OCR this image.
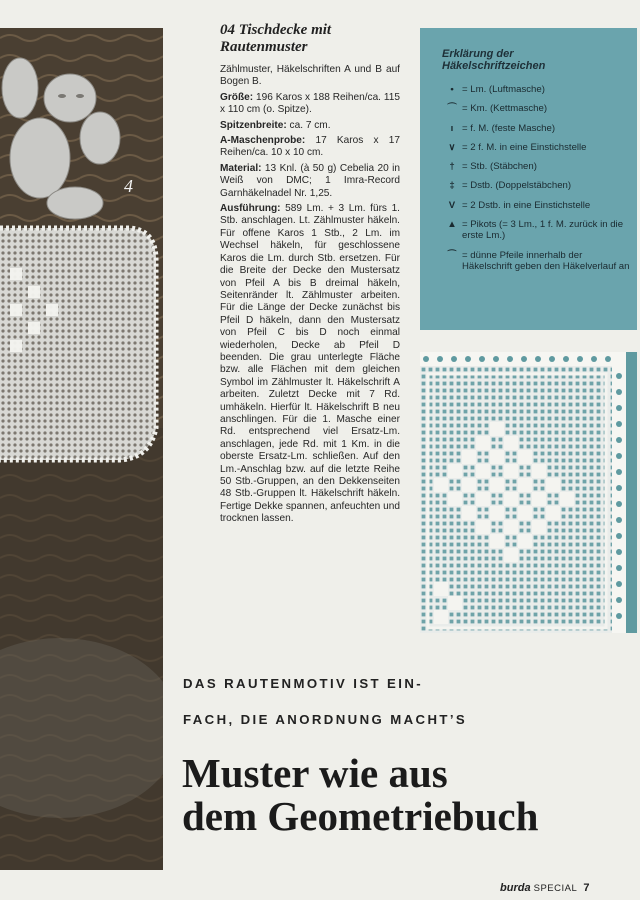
4
04 Tischdecke mit
Rautenmuster

Zählmuster, Häkelschriften A und B auf Bogen B.

Größe: 196 Karos x 188 Reihen/ca. 115 x 110 cm (o. Spitze).

Spitzenbreite: ca. 7 cm.

A-Maschenprobe: 17 Karos x 17 Reihen/ca. 10 x 10 cm.

Material: 13 Knl. (à 50 g) Cebelia 20 in Weiß von DMC; 1 Imra-Record Garnhäkelnadel Nr. 1,25.

Ausführung: 589 Lm. + 3 Lm. fürs 1. Stb. anschlagen. Lt. Zählmuster häkeln. Für offene Karos 1 Stb., 2 Lm. im Wechsel häkeln, für geschlossene Karos die Lm. durch Stb. ersetzen. Für die Breite der Decke den Mustersatz von Pfeil A bis B dreimal häkeln, Seitenränder lt. Zählmuster arbeiten. Für die Länge der Decke zunächst bis Pfeil D häkeln, dann den Mustersatz von Pfeil C bis D noch einmal wiederholen, Decke ab Pfeil D beenden. Die grau unterlegte Fläche bzw. alle Flächen mit dem gleichen Symbol im Zählmuster lt. Häkelschrift A arbeiten. Zuletzt Decke mit 7 Rd. umhäkeln. Hierfür lt. Häkelschrift B neu anschlingen. Für die 1. Masche einer Rd. entsprechend viel Ersatz-Lm. anschlagen, jede Rd. mit 1 Km. in die oberste Ersatz-Lm. schließen. Auf den Lm.-Anschlag bzw. auf die letzte Reihe 50 Stb.-Gruppen, an den Dekkenseiten 48 Stb.-Gruppen lt. Häkelschrift häkeln. Fertige Dekke spannen, anfeuchten und trocknen lassen.

Erklärung der
Häkelschriftzeichen
• = Lm. (Luftmasche)
⌒ = Km. (Kettmasche)
ı = f. M. (feste Masche)
∨ = 2 f. M. in eine Einstichstelle
† = Stb. (Stäbchen)
‡ = Dstb. (Doppelstäbchen)
V = 2 Dstb. in eine Einstichstelle
▲ = Pikots (= 3 Lm., 1 f. M. zurück in die erste Lm.)
⁀ = dünne Pfeile innerhalb der Häkelschrift geben den Häkelverlauf an
DAS RAUTENMOTIV IST EIN-
FACH, DIE ANORDNUNG MACHT’S
Muster wie aus
dem Geometriebuch
burda SPECIAL 7
